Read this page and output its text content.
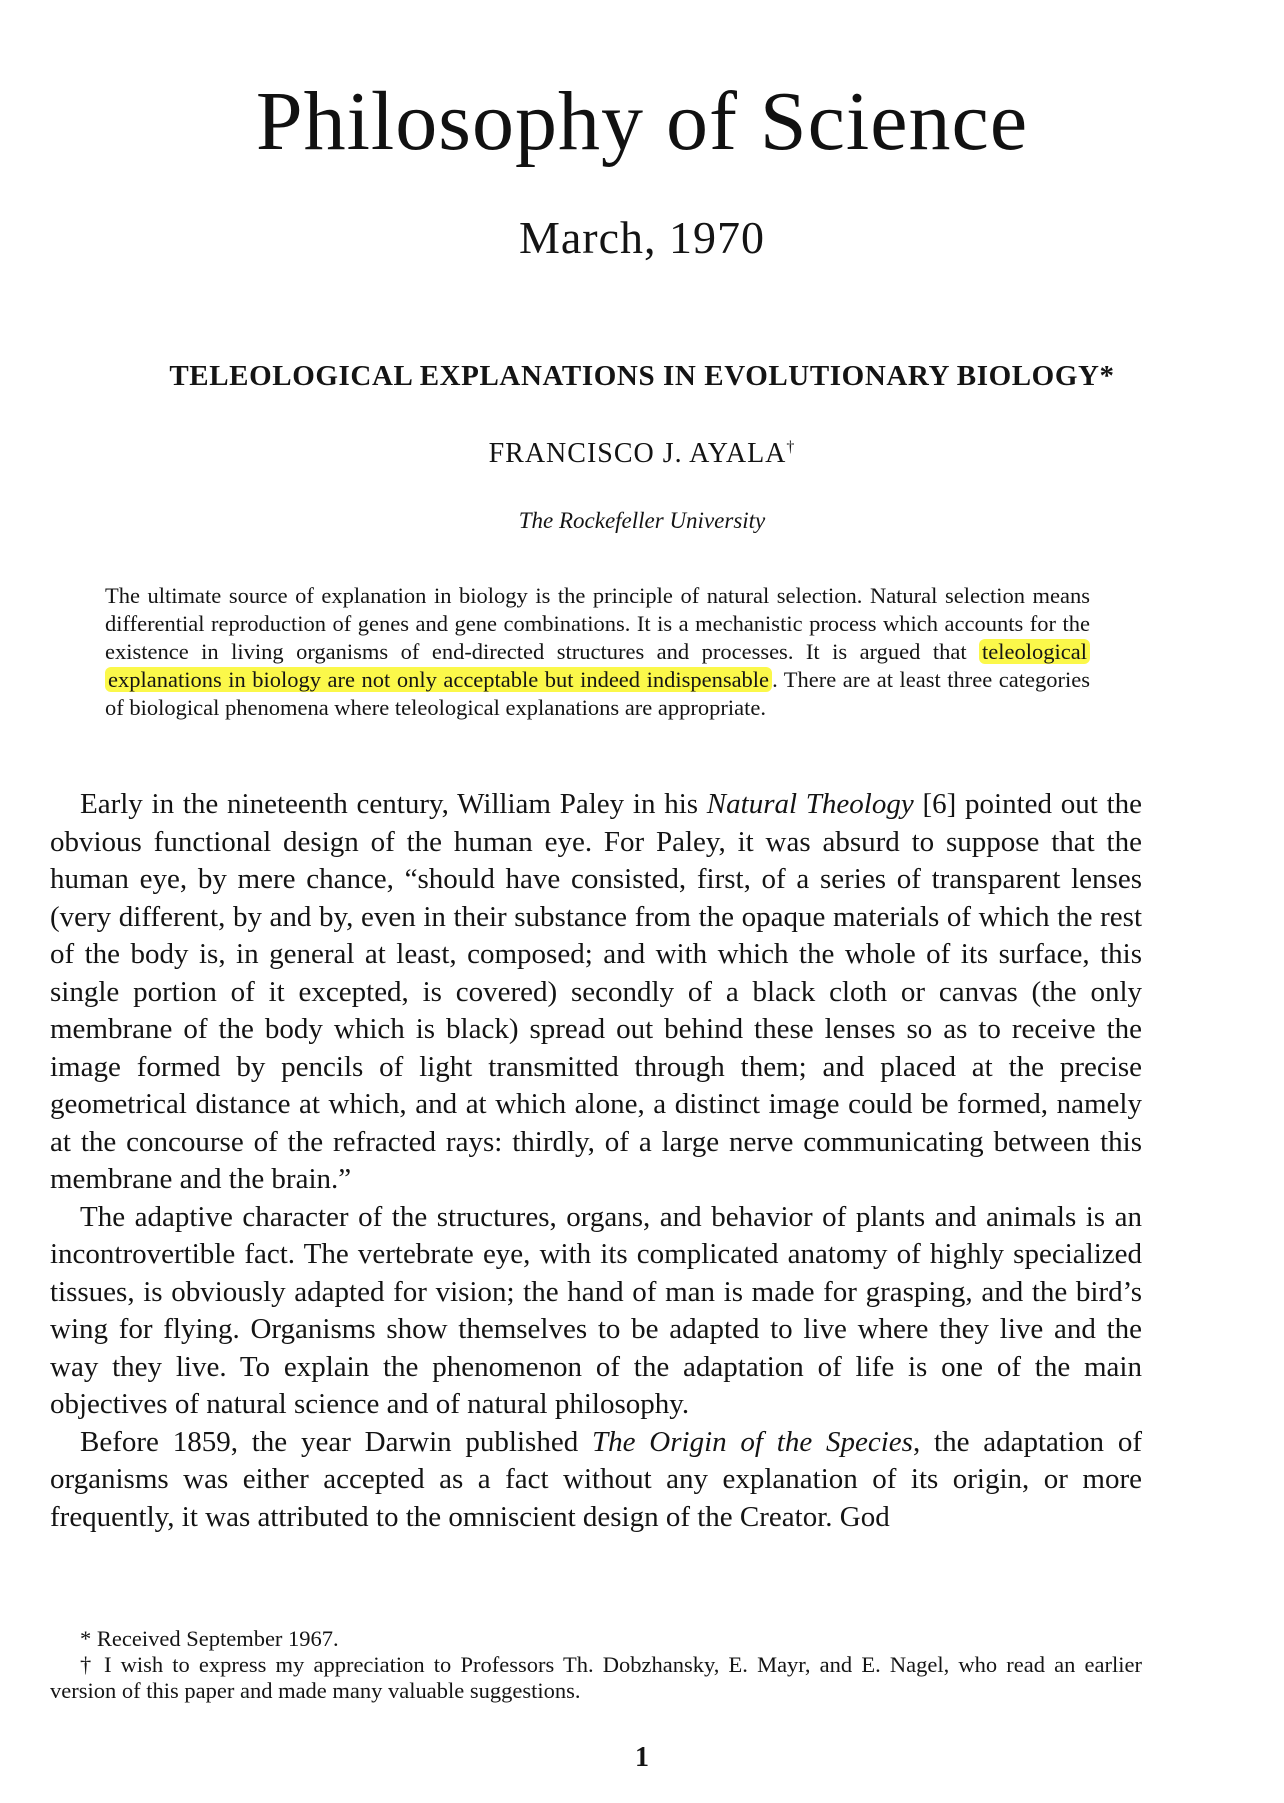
Philosophy of Science
March, 1970
TELEOLOGICAL EXPLANATIONS IN EVOLUTIONARY BIOLOGY*
FRANCISCO J. AYALA†
The Rockefeller University
The ultimate source of explanation in biology is the principle of natural selection. Natural selection means differential reproduction of genes and gene combinations. It is a mechanistic process which accounts for the existence in living organisms of end-directed structures and processes. It is argued that teleological explanations in biology are not only acceptable but indeed indispensable . There are at least three categories of biological phenomena where teleological explanations are appropriate.

Early in the nineteenth century, William Paley in his Natural Theology [6] pointed out the obvious functional design of the human eye. For Paley, it was absurd to suppose that the human eye, by mere chance, “should have consisted, first, of a series of transparent lenses (very different, by and by, even in their substance from the opaque materials of which the rest of the body is, in general at least, composed; and with which the whole of its surface, this single portion of it excepted, is covered) secondly of a black cloth or canvas (the only membrane of the body which is black) spread out behind these lenses so as to receive the image formed by pencils of light transmitted through them; and placed at the precise geometrical distance at which, and at which alone, a distinct image could be formed, namely at the concourse of the refracted rays: thirdly, of a large nerve communicating between this membrane and the brain.”

The adaptive character of the structures, organs, and behavior of plants and animals is an incontrovertible fact. The vertebrate eye, with its complicated anatomy of highly specialized tissues, is obviously adapted for vision; the hand of man is made for grasping, and the bird’s wing for flying. Organisms show themselves to be adapted to live where they live and the way they live. To explain the phenomenon of the adaptation of life is one of the main objectives of natural science and of natural philosophy.

Before 1859, the year Darwin published The Origin of the Species, the adaptation of organisms was either accepted as a fact without any explanation of its origin, or more frequently, it was attributed to the omniscient design of the Creator. God

* Received September 1967.

† I wish to express my appreciation to Professors Th. Dobzhansky, E. Mayr, and E. Nagel, who read an earlier version of this paper and made many valuable suggestions.

1
